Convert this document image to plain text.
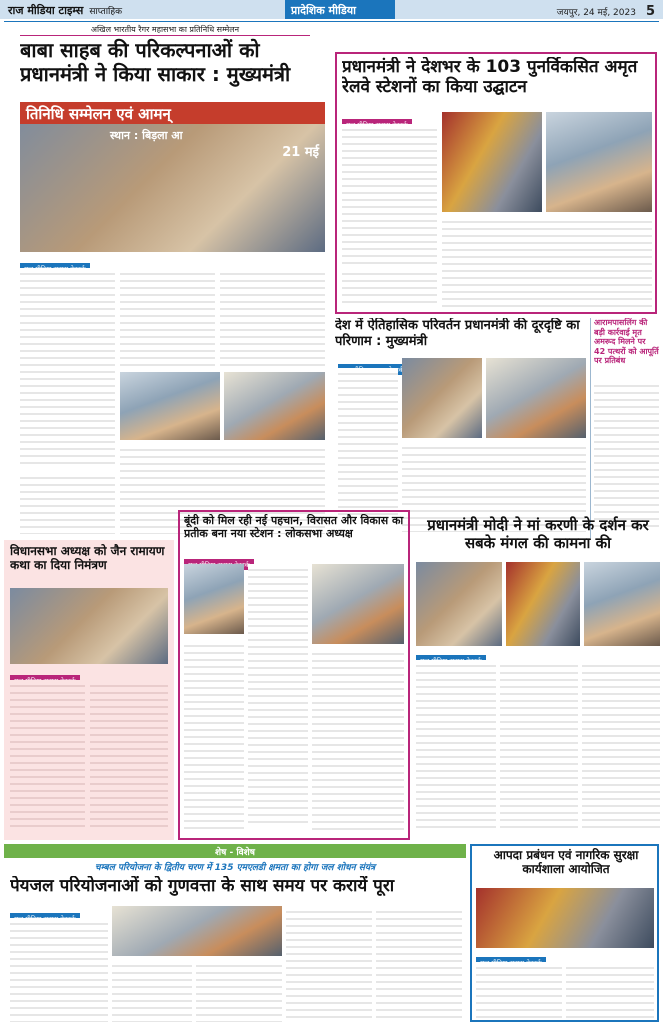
राज मीडिया टाइम्स साप्ताहिक	प्रादेशिक मीडिया	जयपुर, 24 मई, 2023 5
अखिल भारतीय रैगर महासभा का प्रतिनिधि सम्मेलन
बाबा साहब की परिकल्पनाओं को प्रधानमंत्री ने किया साकार : मुख्यमंत्री
तिनिधि सम्मेलन एवं आमन्
स्थान : बिड़ला आ
21 मई
प्रधानमंत्री ने देशभर के 103 पुनर्विकसित अमृत रेलवे स्टेशनों का किया उद्घाटन
देश में ऐतिहासिक परिवर्तन प्रधानमंत्री की दूरदृष्टि का परिणाम : मुख्यमंत्री
आरामपासलिंग की बड़ी कार्रवाई मृत अमरूद मिलने पर 42 पत्थरों को आपूर्ति पर प्रतिबंध
विधानसभा अध्यक्ष को जैन रामायण कथा का दिया निमंत्रण
बूंदी को मिल रही नई पहचान, विरासत और विकास का प्रतीक बना नया स्टेशन : लोकसभा अध्यक्ष	प्रधानमंत्री मोदी ने मां करणी के दर्शन कर सबके मंगल की कामना की
शेष - विशेष
चम्बल परियोजना के द्वितीय चरण में 135 एमएलडी क्षमता का होगा जल शोधन संयंत्र
पेयजल परियोजनाओं को गुणवत्ता के साथ समय पर करायें पूरा
आपदा प्रबंधन एवं नागरिक सुरक्षा कार्यशाला आयोजित
